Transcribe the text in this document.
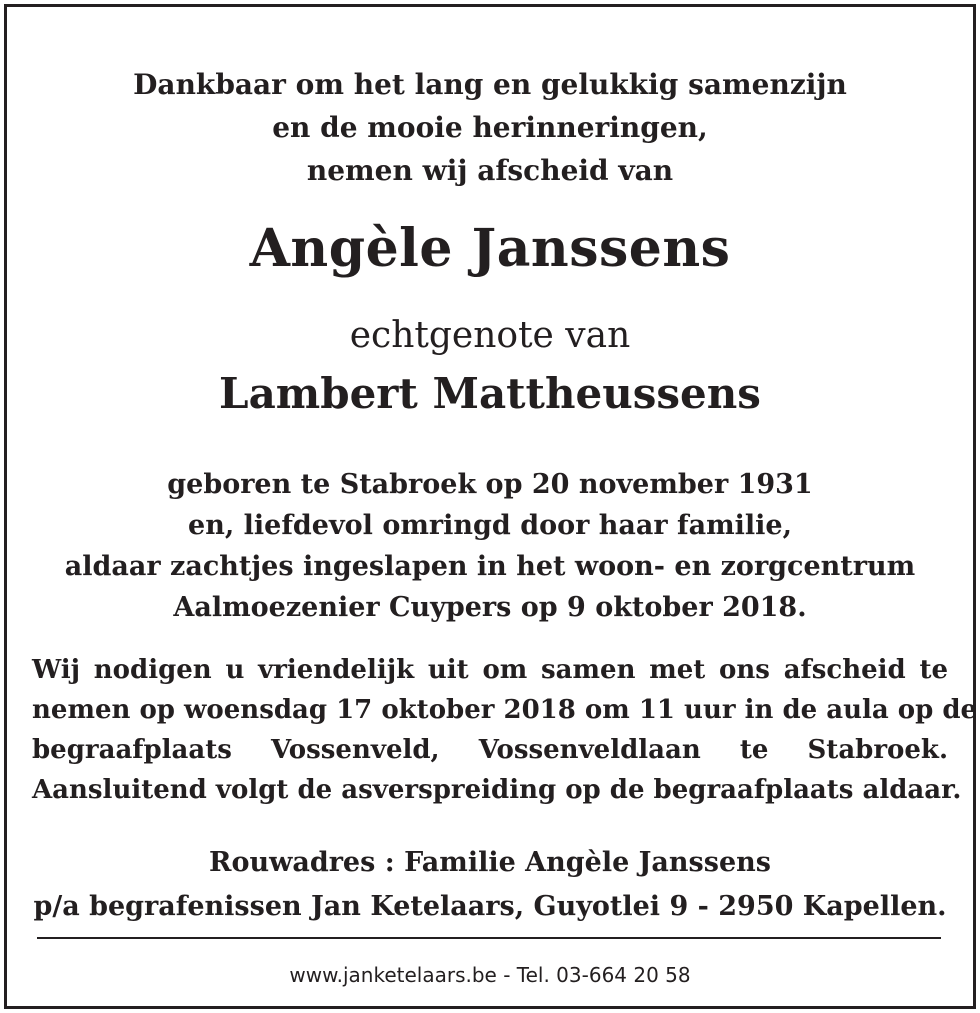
Dankbaar om het lang en gelukkig samenzijn
en de mooie herinneringen,
nemen wij afscheid van
Angèle Janssens
echtgenote van
Lambert Mattheussens
geboren te Stabroek op 20 november 1931
en, liefdevol omringd door haar familie,
aldaar zachtjes ingeslapen in het woon- en zorgcentrum
Aalmoezenier Cuypers op 9 oktober 2018.
Wij nodigen u vriendelijk uit om samen met ons afscheid te
nemen op woensdag 17 oktober 2018 om 11 uur in de aula op de
begraafplaats Vossenveld, Vossenveldlaan te Stabroek.
Aansluitend volgt de asverspreiding op de begraafplaats aldaar.
Rouwadres : Familie Angèle Janssens
p/a begrafenissen Jan Ketelaars, Guyotlei 9 - 2950 Kapellen.
www.janketelaars.be - Tel. 03-664 20 58
